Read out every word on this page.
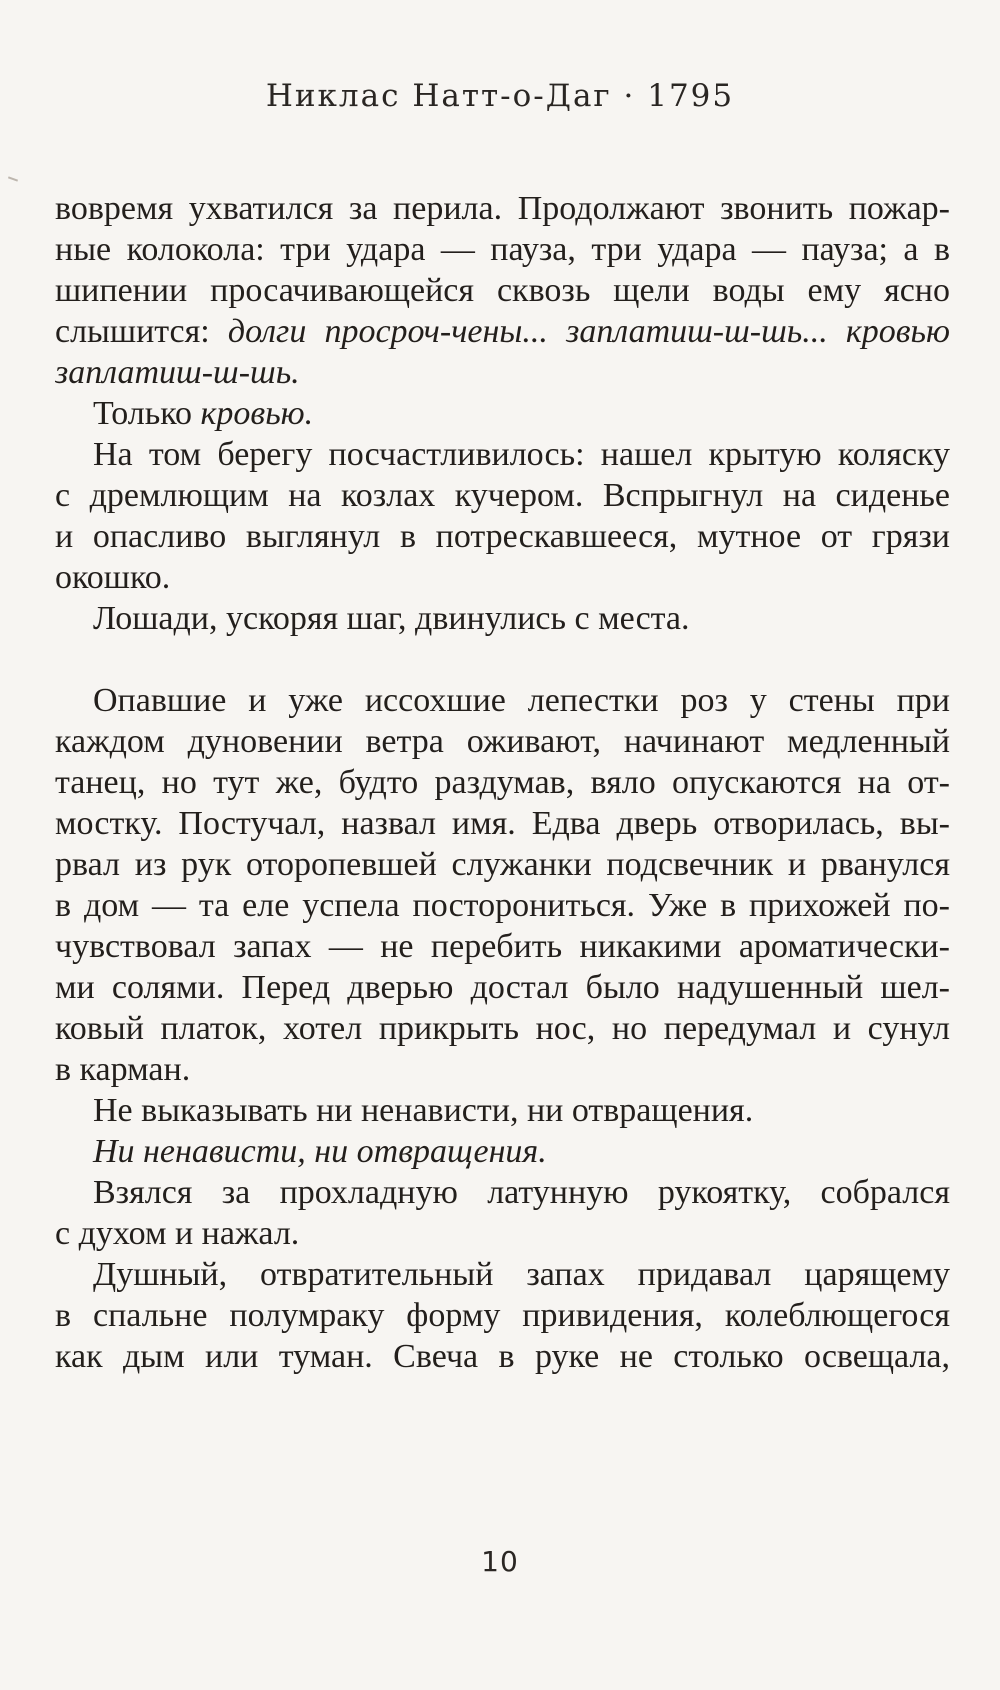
Никлас Натт-о-Даг · 1795
вовремя ухватился за перила. Продолжают звонить пожар-
ные колокола: три удара — пауза, три удара — пауза; а в
шипении просачивающейся сквозь щели воды ему ясно
слышится: долги просроч-чены... заплатиш-ш-шь... кровью
заплатиш-ш-шь.
Только кровью.
На том берегу посчастливилось: нашел крытую коляску
с дремлющим на козлах кучером. Вспрыгнул на сиденье
и опасливо выглянул в потрескавшееся, мутное от грязи
окошко.
Лошади, ускоряя шаг, двинулись с места.
Опавшие и уже иссохшие лепестки роз у стены при
каждом дуновении ветра оживают, начинают медленный
танец, но тут же, будто раздумав, вяло опускаются на от-
мостку. Постучал, назвал имя. Едва дверь отворилась, вы-
рвал из рук оторопевшей служанки подсвечник и рванулся
в дом — та еле успела посторониться. Уже в прихожей по-
чувствовал запах — не перебить никакими ароматически-
ми солями. Перед дверью достал было надушенный шел-
ковый платок, хотел прикрыть нос, но передумал и сунул
в карман.
Не выказывать ни ненависти, ни отвращения.
Ни ненависти, ни отвращения.
Взялся за прохладную латунную рукоятку, собрался
с духом и нажал.
Душный, отвратительный запах придавал царящему
в спальне полумраку форму привидения, колеблющегося
как дым или туман. Свеча в руке не столько освещала,
10
